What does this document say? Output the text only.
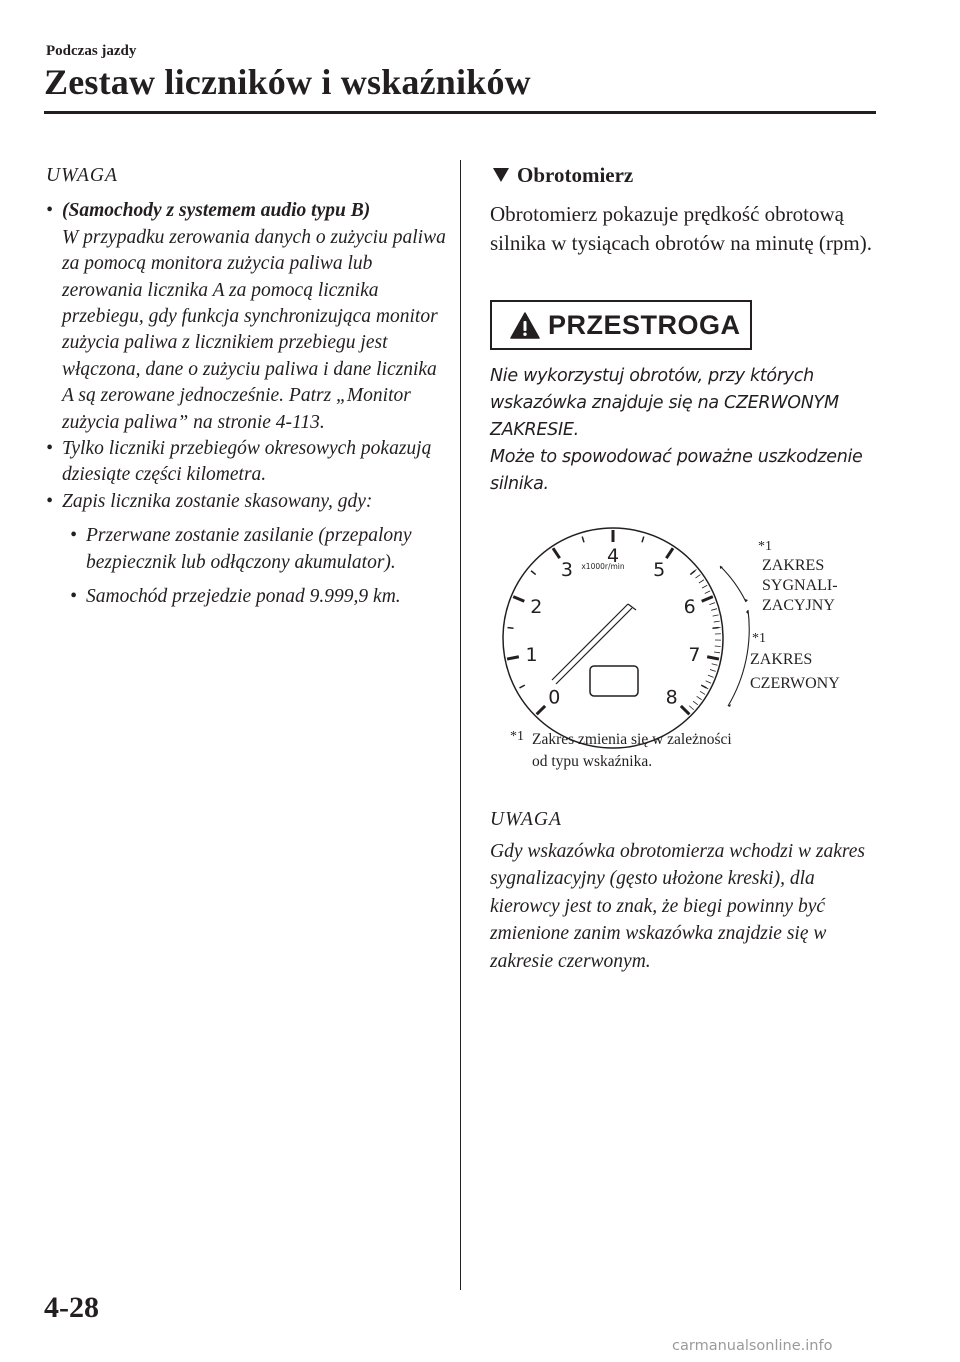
Podczas jazdy
Zestaw liczników i wskaźników
UWAGA
• (Samochody z systemem audio typu B)
W przypadku zerowania danych o zużyciu paliwa za pomocą monitora zużycia paliwa lub zerowania licznika A za pomocą licznika przebiegu, gdy funkcja synchronizująca monitor zużycia paliwa z licznikiem przebiegu jest włączona, dane o zużyciu paliwa i dane licznika A są zerowane jednocześnie. Patrz „Monitor zużycia paliwa” na stronie 4-113.
• Tylko liczniki przebiegów okresowych pokazują dziesiąte części kilometra.
• Zapis licznika zostanie skasowany, gdy:
• Przerwane zostanie zasilanie (przepalony bezpiecznik lub odłączony akumulator).
• Samochód przejedzie ponad 9.999,9 km.
Obrotomierz
Obrotomierz pokazuje prędkość obrotową silnika w tysiącach obrotów na minutę (rpm).
PRZESTROGA
Nie wykorzystuj obrotów, przy których wskazówka znajduje się na CZERWONYM ZAKRESIE.
Może to spowodować poważne uszkodzenie silnika.
0
1
2
3
4
5
6
7
8
x1000r/min
*1
ZAKRES
SYGNALI-
ZACYJNY
*1
ZAKRES
CZERWONY
*1 Zakres zmienia się w zależności
od typu wskaźnika.
UWAGA
Gdy wskazówka obrotomierza wchodzi w zakres sygnalizacyjny (gęsto ułożone kreski), dla kierowcy jest to znak, że biegi powinny być zmienione zanim wskazówka znajdzie się w zakresie czerwonym.
4-28
carmanualsonline.info
